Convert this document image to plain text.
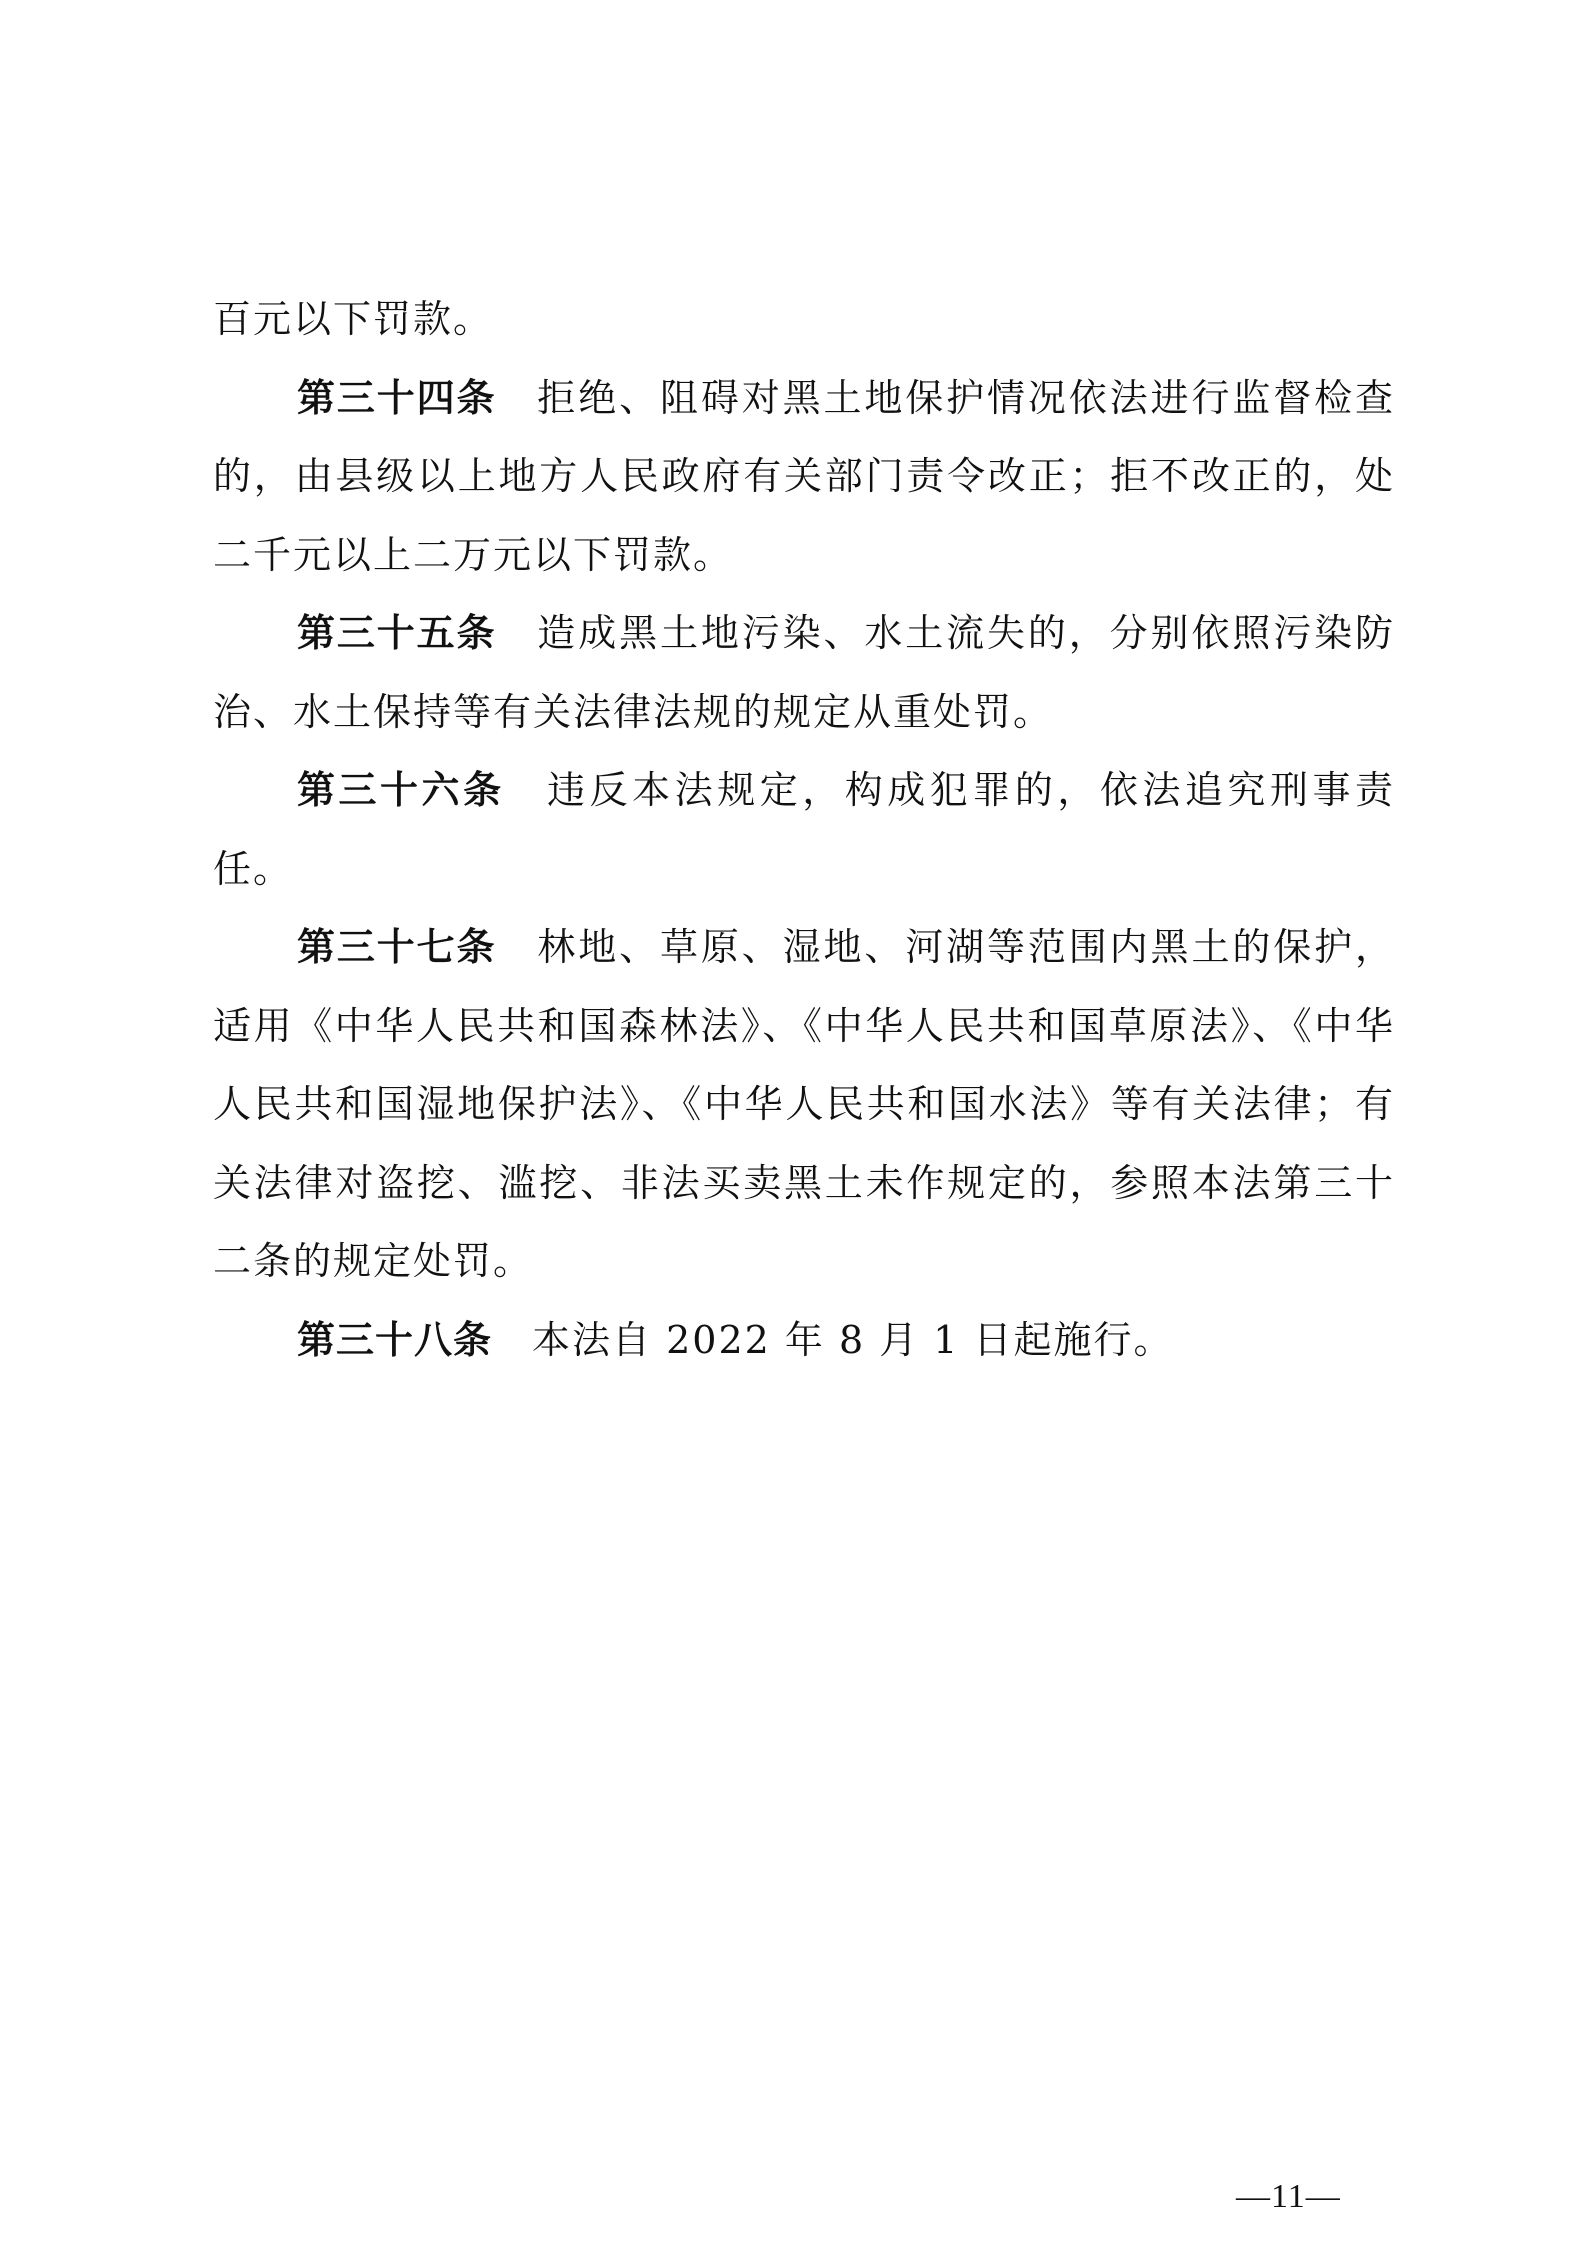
百元以下罚款。

第三十四条 拒绝、阻碍对黑土地保护情况依法进行监督检查的，由县级以上地方人民政府有关部门责令改正；拒不改正的，处二千元以上二万元以下罚款。

第三十五条 造成黑土地污染、水土流失的，分别依照污染防治、水土保持等有关法律法规的规定从重处罚。

第三十六条 违反本法规定，构成犯罪的，依法追究刑事责任。

第三十七条 林地、草原、湿地、河湖等范围内黑土的保护，适用《中华人民共和国森林法》、《中华人民共和国草原法》、《中华人民共和国湿地保护法》、《中华人民共和国水法》等有关法律；有关法律对盗挖、滥挖、非法买卖黑土未作规定的，参照本法第三十二条的规定处罚。

第三十八条 本法自 2022 年 8 月 1 日起施行。

—11—
